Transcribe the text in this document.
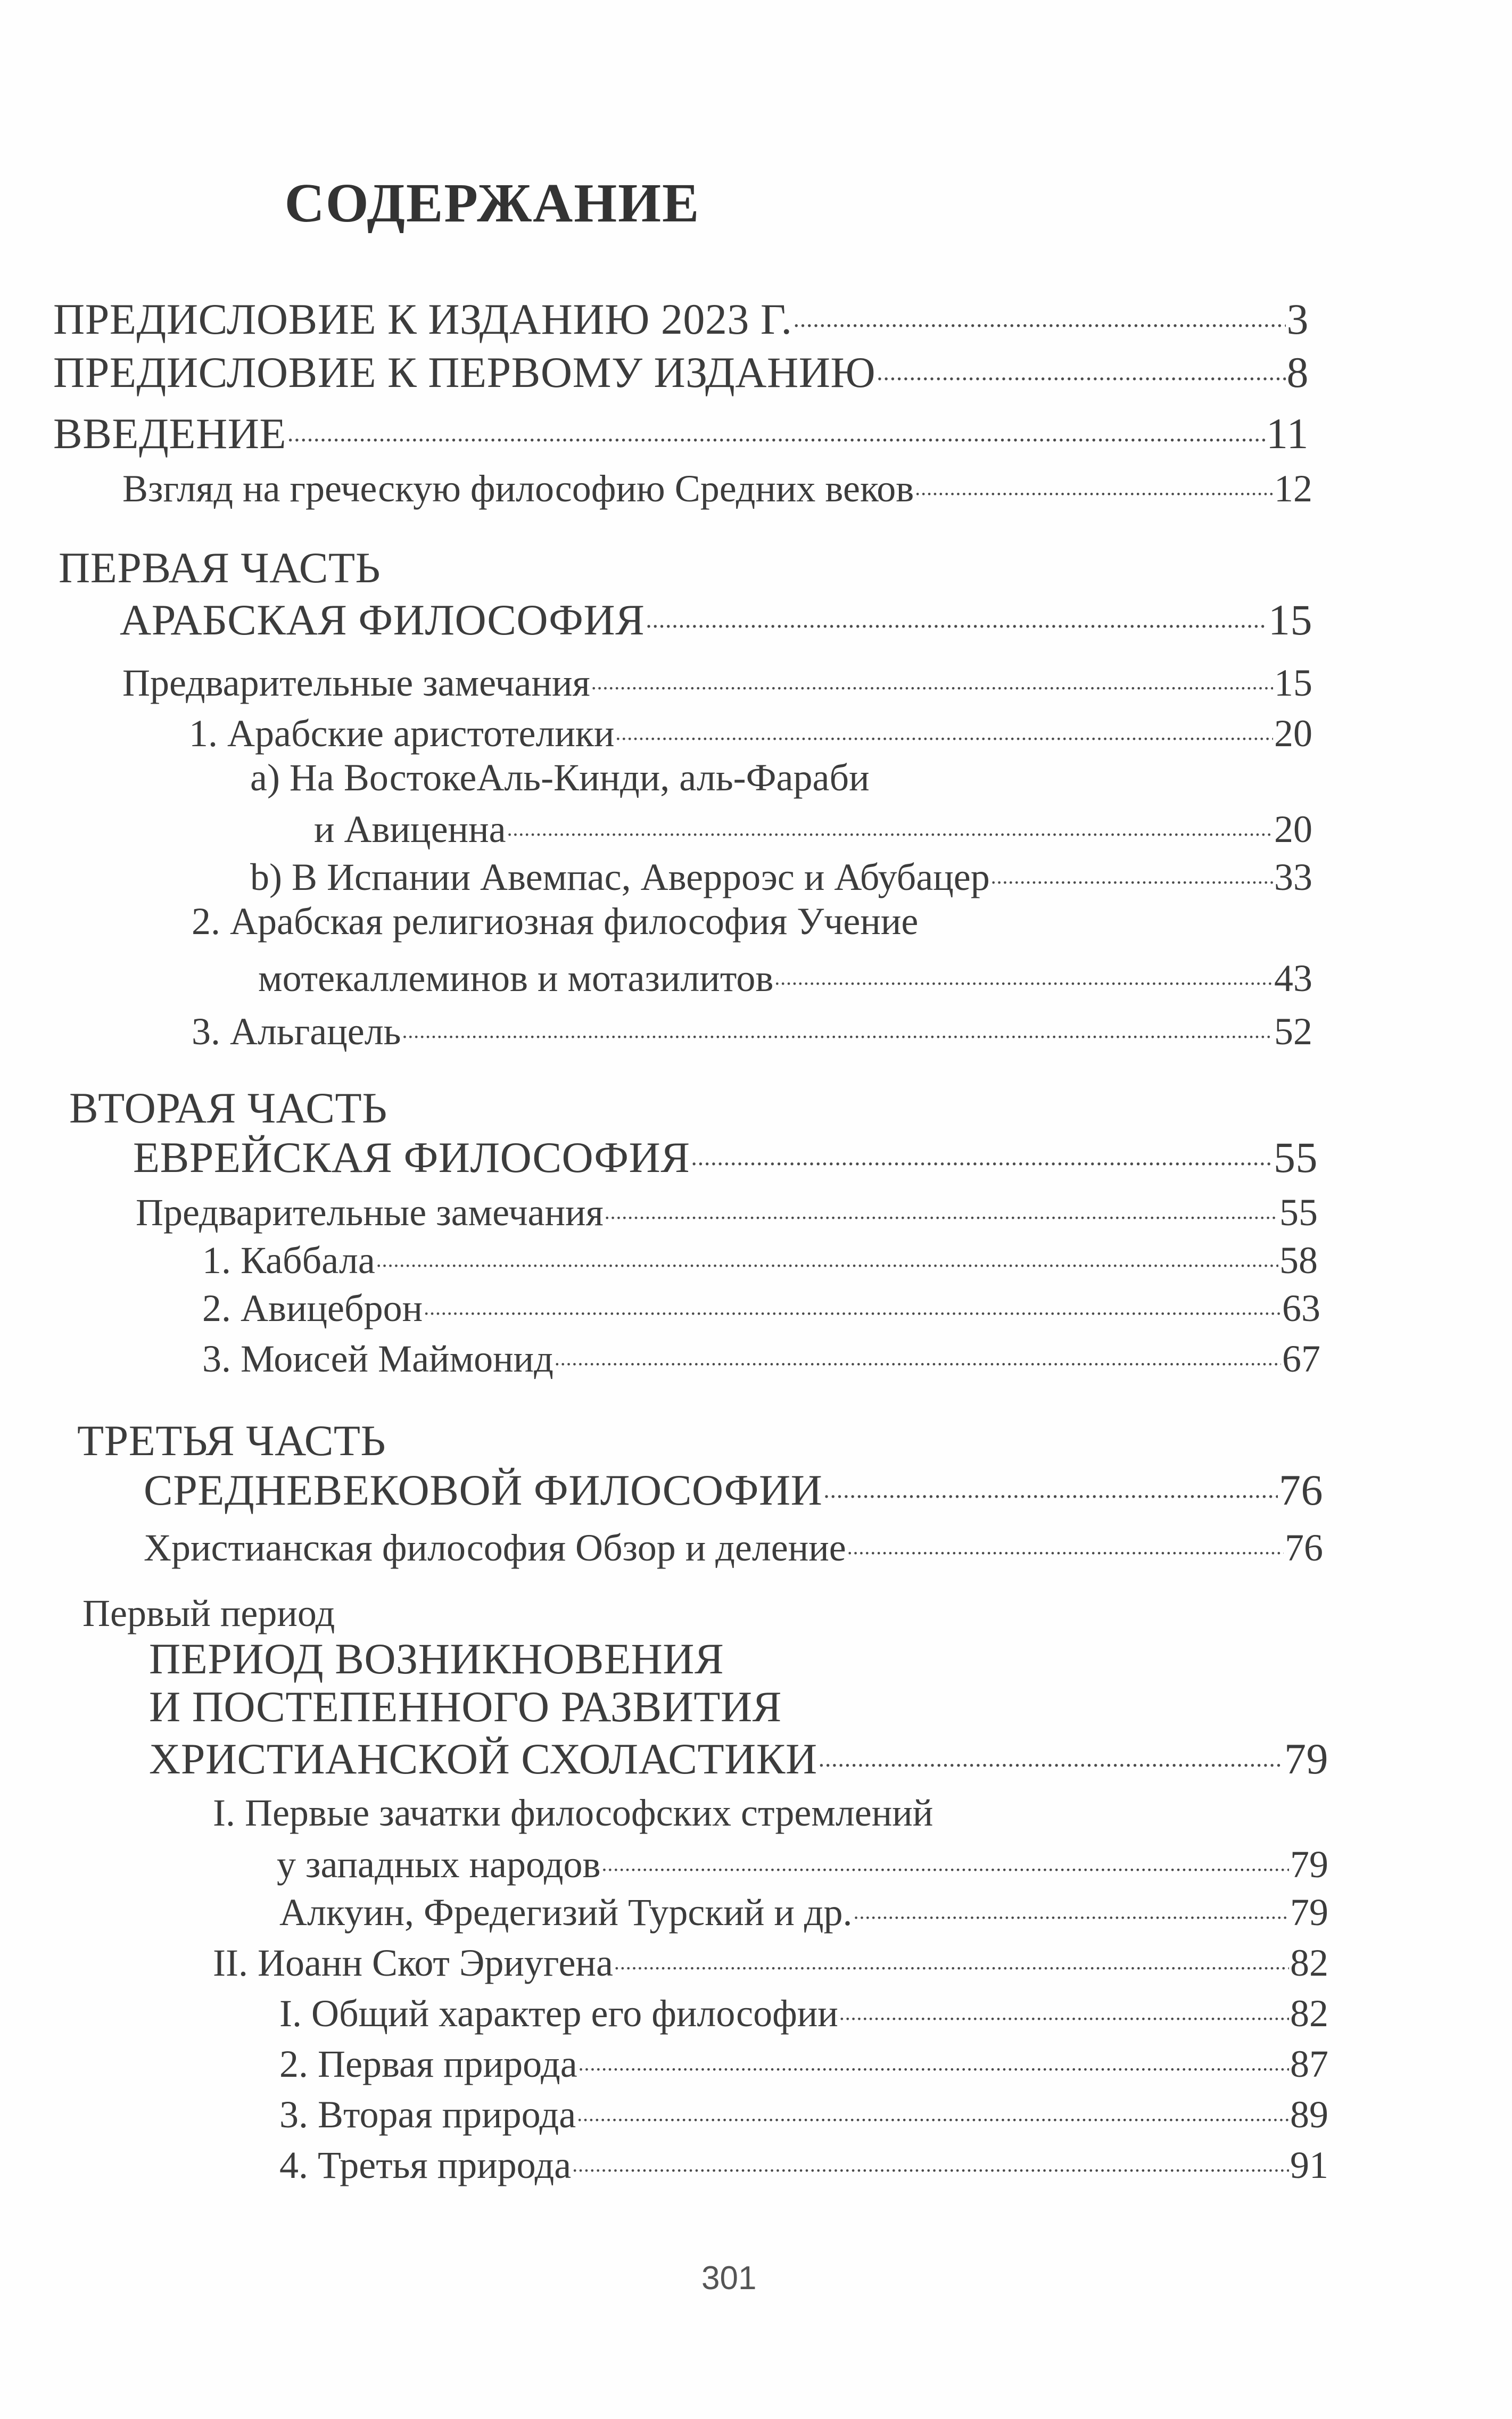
СОДЕРЖАНИЕ
ПРЕДИСЛОВИЕ К ИЗДАНИЮ 2023 Г. .....	3
ПРЕДИСЛОВИЕ К ПЕРВОМУ ИЗДАНИЮ .....	8
ВВЕДЕНИЕ .....	11
Взгляд на греческую философию Средних веков .....	12
ПЕРВАЯ ЧАСТЬ
АРАБСКАЯ ФИЛОСОФИЯ .....	15
Предварительные замечания .....	15
1. Арабские аристотелики .....	20
a) На ВостокеАль-Кинди, аль-Фараби
и Авиценна .....	20
b) В Испании Авемпас, Аверроэс и Абубацер .....	33
2. Арабская религиозная философия Учение
мотекаллеминов и мотазилитов .....	43
3. Альгацель .....	52
ВТОРАЯ ЧАСТЬ
ЕВРЕЙСКАЯ ФИЛОСОФИЯ .....	55
Предварительные замечания .....	55
1. Каббала .....	58
2. Авицеброн .....	63
3. Моисей Маймонид .....	67
ТРЕТЬЯ ЧАСТЬ
СРЕДНЕВЕКОВОЙ ФИЛОСОФИИ .....	76
Христианская философия Обзор и деление .....	76
Первый период
ПЕРИОД ВОЗНИКНОВЕНИЯ
И ПОСТЕПЕННОГО РАЗВИТИЯ
ХРИСТИАНСКОЙ СХОЛАСТИКИ .....	79
I. Первые зачатки философских стремлений
у западных народов .....	79
Алкуин, Фредегизий Турский и др. .....	79
II. Иоанн Скот Эриугена .....	82
I. Общий характер его философии .....	82
2. Первая природа .....	87
3. Вторая природа .....	89
4. Третья природа .....	91
301
